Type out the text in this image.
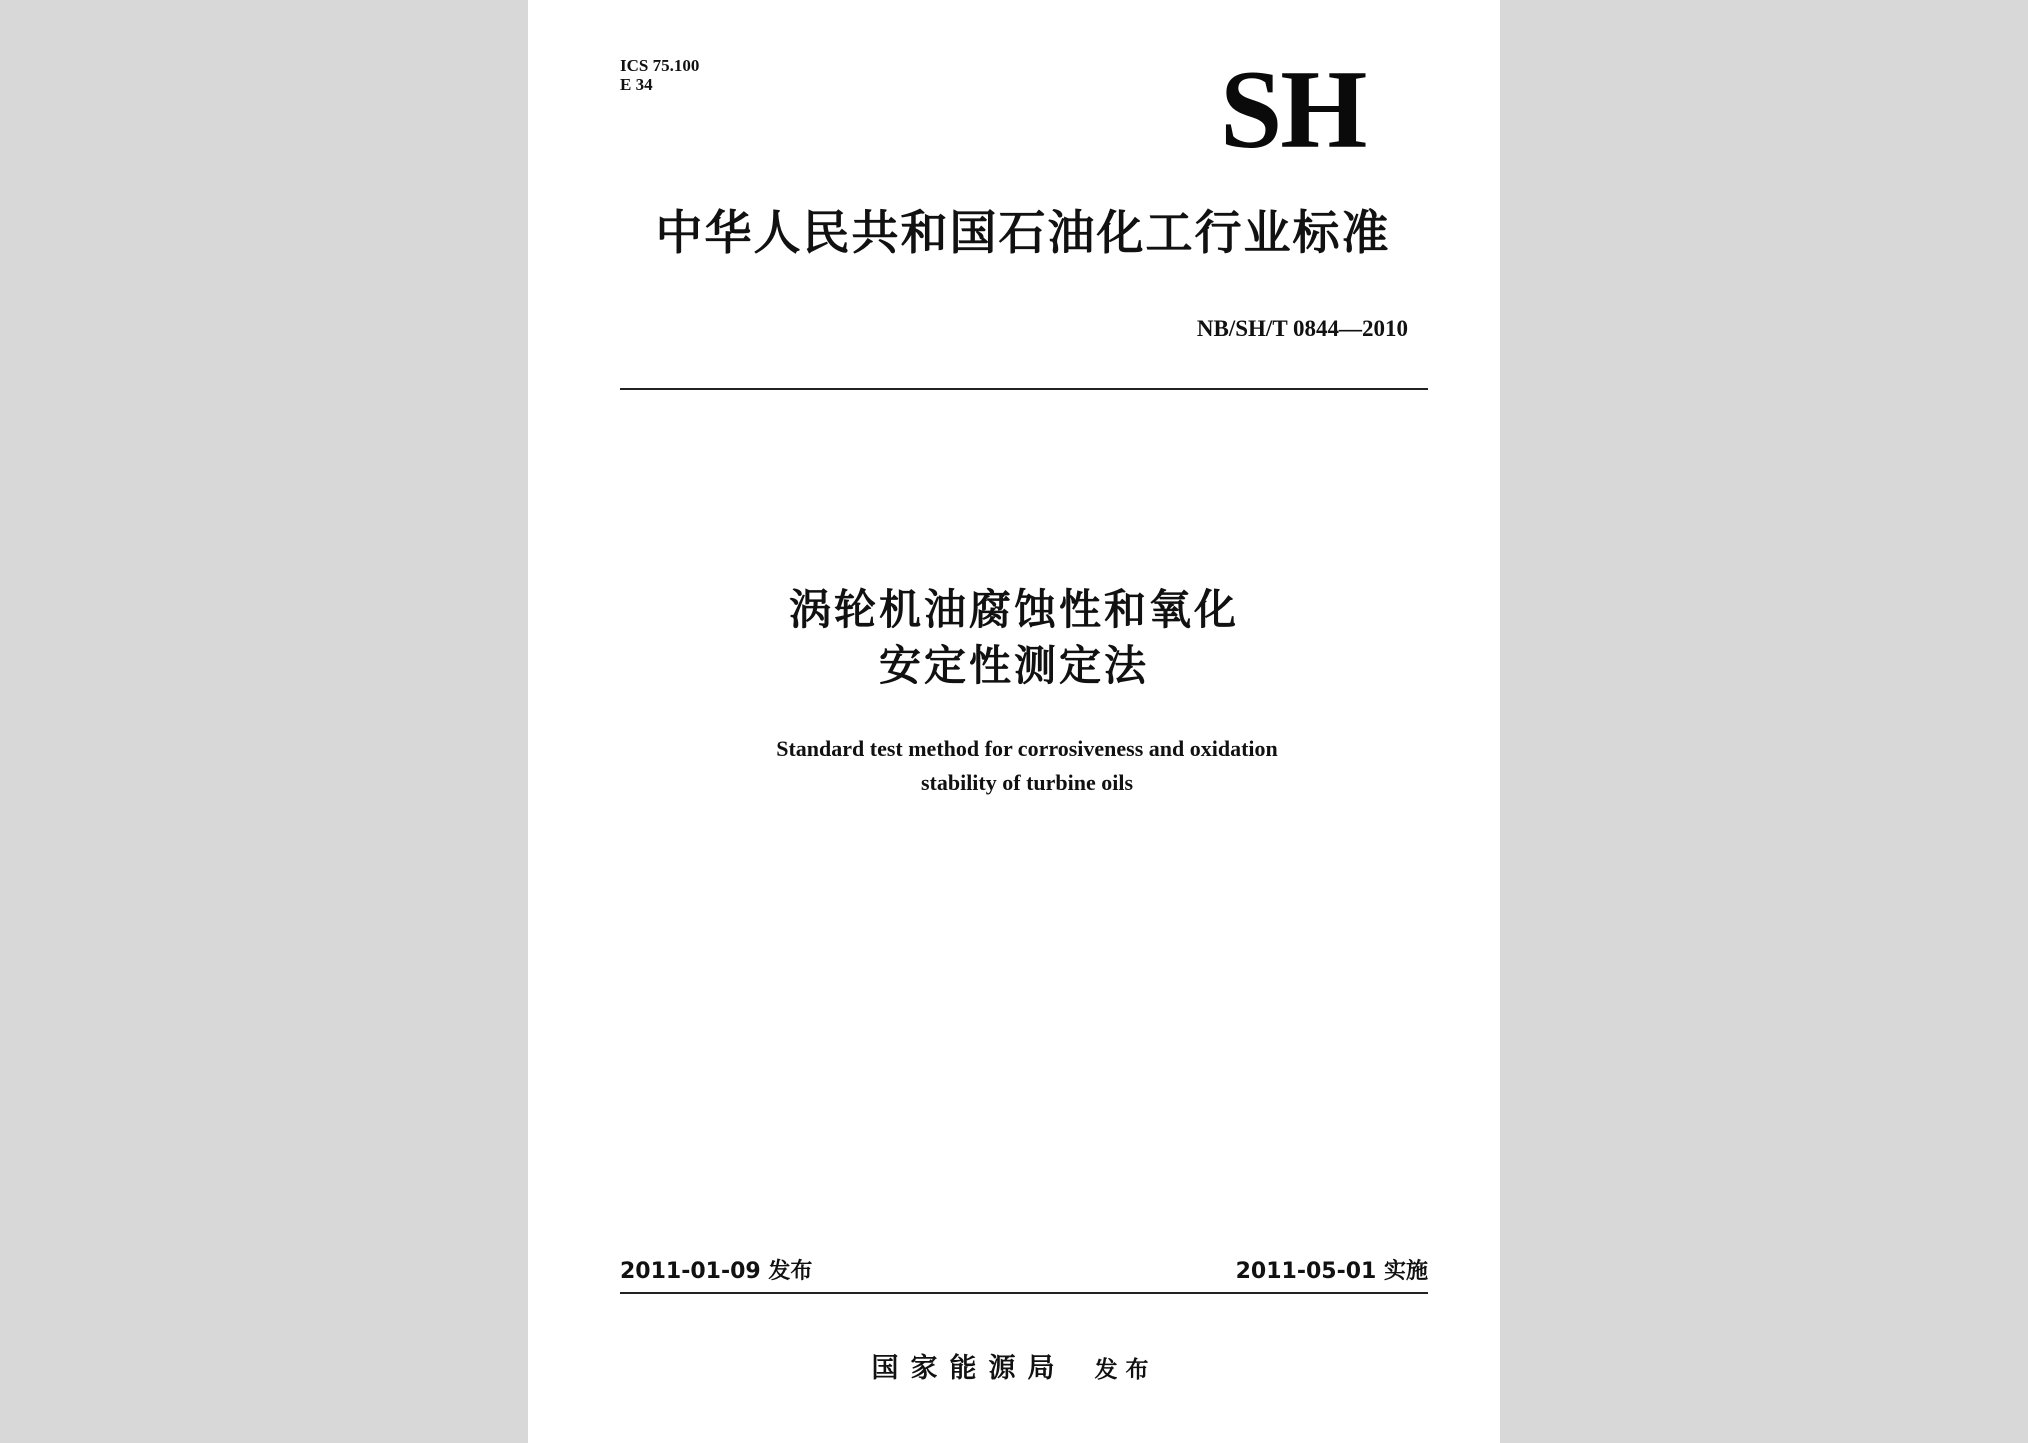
ICS 75.100
E 34	SH
中华人民共和国石油化工行业标准
NB/SH/T 0844—2010
涡轮机油腐蚀性和氧化
安定性测定法
Standard test method for corrosiveness and oxidation
stability of turbine oils
2011-01-09 发布	2011-05-01 实施
国家能源局 发布
